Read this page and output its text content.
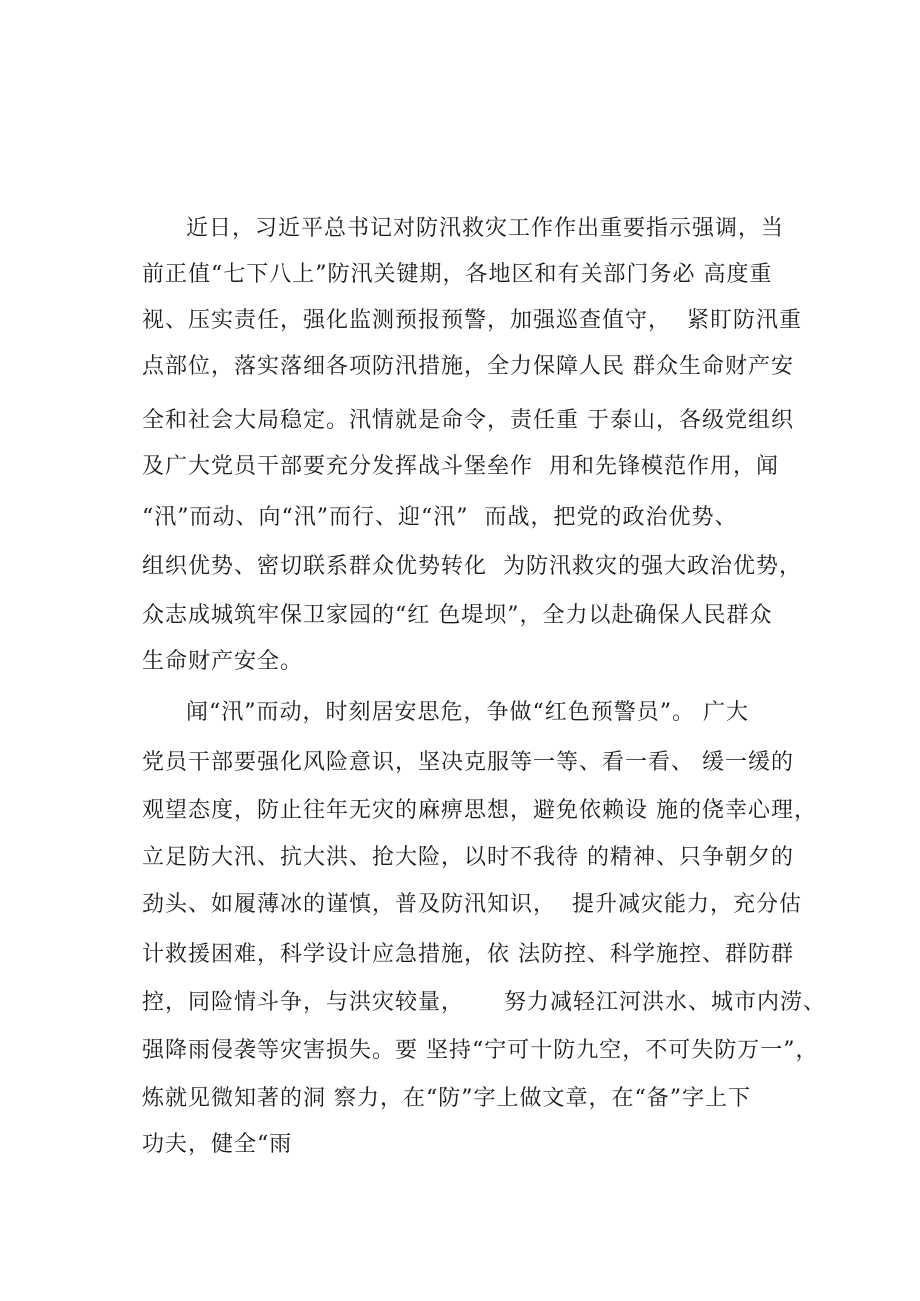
近日，习近平总书记对防汛救灾工作作出重要指示强调，当

前正值“七下八上”防汛关键期，各地区和有关部门务必 高度重

视、压实责任，强化监测预报预警，加强巡查值守，  紧盯防汛重

点部位，落实落细各项防汛措施，全力保障人民 群众生命财产安

全和社会大局稳定。汛情就是命令，责任重 于泰山，各级党组织

及广大党员干部要充分发挥战斗堡垒作  用和先锋模范作用，闻

“汛”而动、向“汛”而行、迎“汛”  而战，把党的政治优势、

组织优势、密切联系群众优势转化  为防汛救灾的强大政治优势，

众志成城筑牢保卫家园的“红 色堤坝”，全力以赴确保人民群众

生命财产安全。

闻“汛”而动，时刻居安思危，争做“红色预警员”。 广大

党员干部要强化风险意识，坚决克服等一等、看一看、 缓一缓的

观望态度，防止往年无灾的麻痹思想，避免依赖设 施的侥幸心理，

立足防大汛、抗大洪、抢大险，以时不我待 的精神、只争朝夕的

劲头、如履薄冰的谨慎，普及防汛知识，  提升减灾能力，充分估

计救援困难，科学设计应急措施，依 法防控、科学施控、群防群

控，同险情斗争，与洪灾较量，     努力减轻江河洪水、城市内涝、

强降雨侵袭等灾害损失。要 坚持“宁可十防九空，不可失防万一”，

炼就见微知著的洞 察力，在“防”字上做文章，在“备”字上下

功夫，健全“雨
